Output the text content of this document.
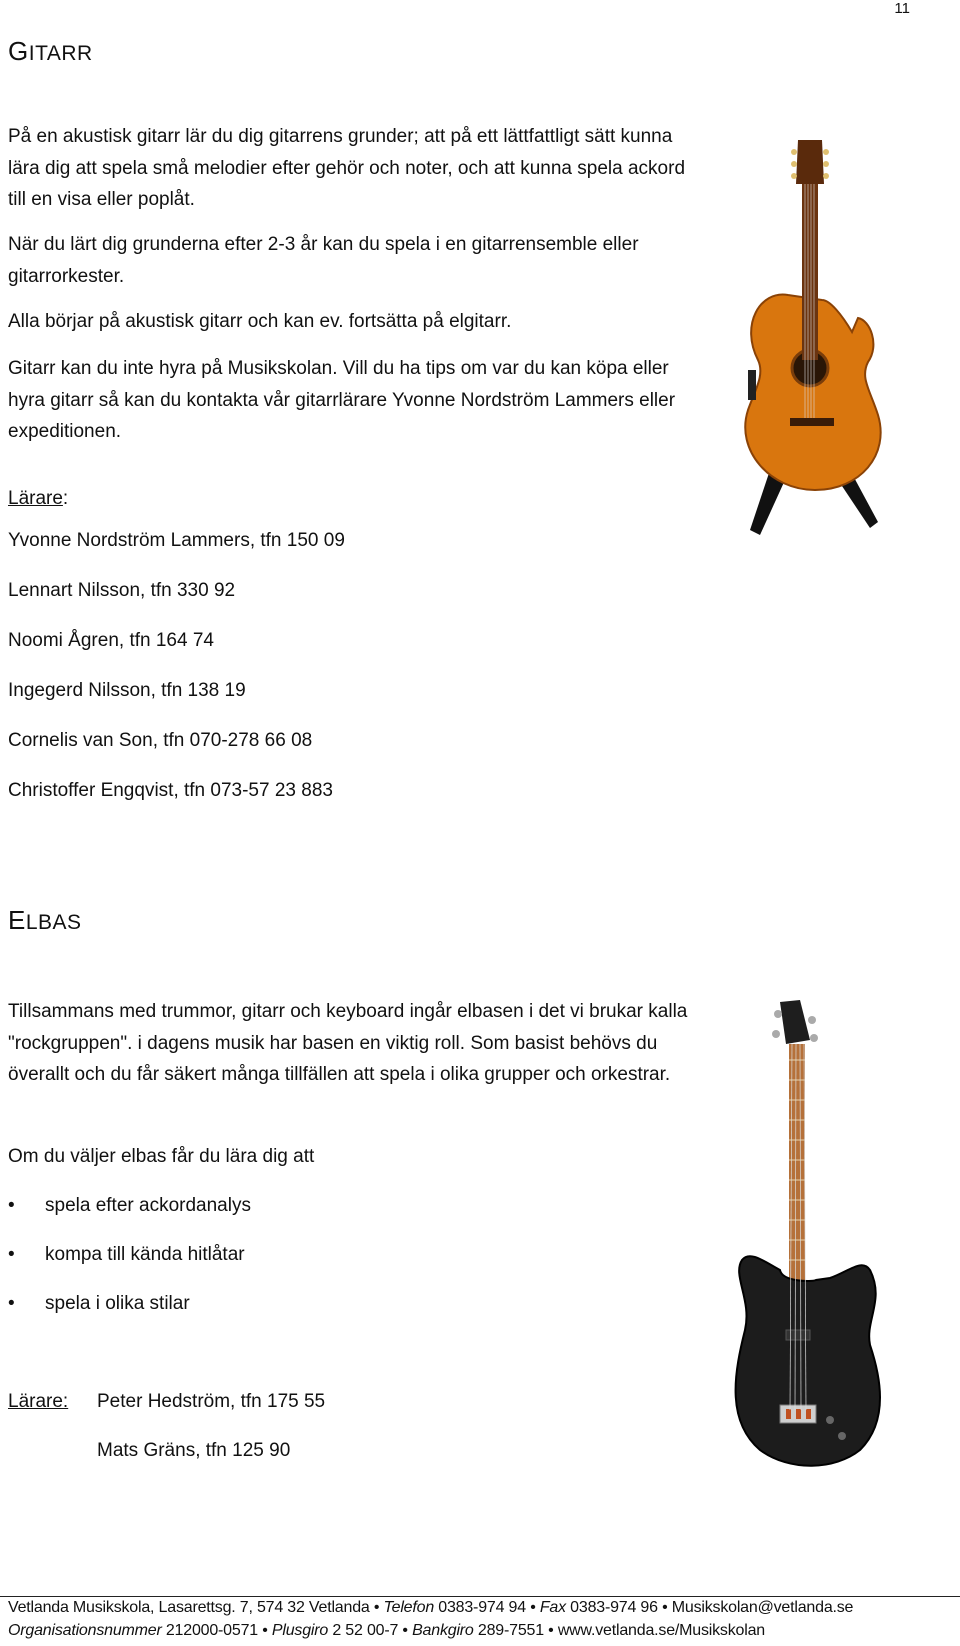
11
GITARR
På en akustisk gitarr lär du dig gitarrens grunder; att på ett lättfattligt sätt kunna lära dig att spela små melodier efter gehör och noter, och att kunna spela ackord till en visa eller poplåt.
När du lärt dig grunderna efter 2-3 år kan du spela i en gitarrensemble eller gitarrorkester.
Alla börjar på akustisk gitarr och kan ev. fortsätta på elgitarr.
Gitarr kan du inte hyra på Musikskolan. Vill du ha tips om var du kan köpa eller hyra gitarr så kan du kontakta vår gitarrlärare Yvonne Nordström Lammers eller expeditionen.
Lärare:
Yvonne Nordström Lammers, tfn 150 09
Lennart Nilsson, tfn 330 92
Noomi Ågren, tfn 164 74
Ingegerd Nilsson, tfn 138 19
Cornelis van Son, tfn 070-278 66 08
Christoffer Engqvist, tfn 073-57 23 883
ELBAS
Tillsammans med trummor, gitarr och keyboard ingår elbasen i det vi brukar kalla "rockgruppen". i dagens musik har basen en viktig roll. Som basist behövs du överallt och du får säkert många tillfällen att spela i olika grupper och orkestrar.
Om du väljer elbas får du lära dig att
• spela efter ackordanalys
• kompa till kända hitlåtar
• spela i olika stilar
Lärare: Peter Hedström, tfn 175 55
Mats Gräns, tfn 125 90
Vetlanda Musikskola, Lasarettsg. 7, 574 32 Vetlanda • Telefon 0383-974 94 • Fax 0383-974 96 • Musikskolan@vetlanda.se
Organisationsnummer 212000-0571 • Plusgiro 2 52 00-7 • Bankgiro 289-7551 • www.vetlanda.se/Musikskolan
